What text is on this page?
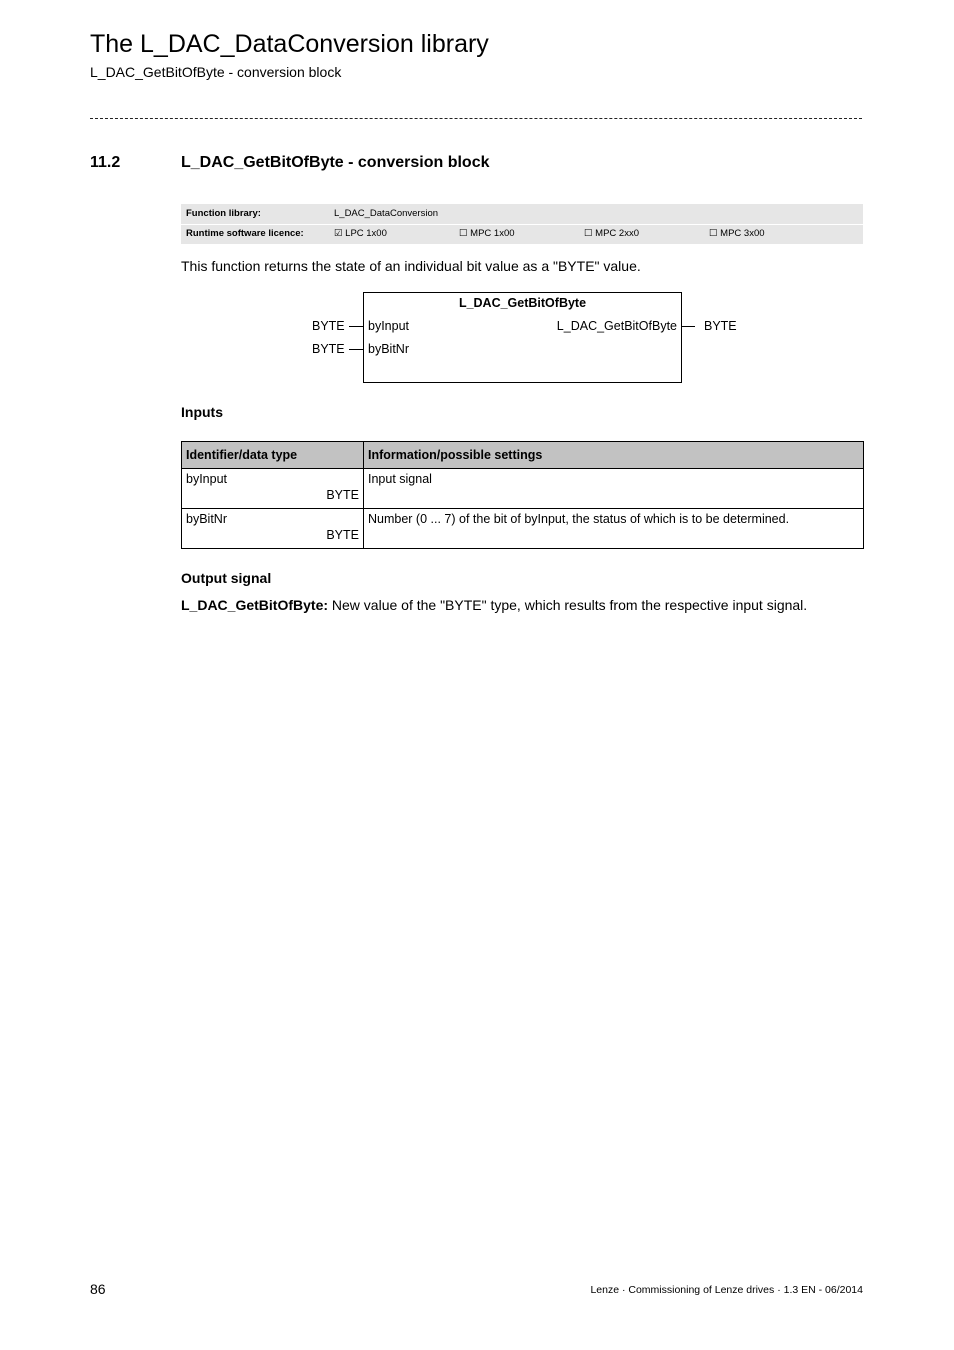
The L_DAC_DataConversion library
L_DAC_GetBitOfByte - conversion block
11.2	L_DAC_GetBitOfByte - conversion block
Function library:	L_DAC_DataConversion
Runtime software licence:	☑ LPC 1x00	☐ MPC 1x00	☐ MPC 2xx0	☐ MPC 3x00
This function returns the state of an individual bit value as a "BYTE" value.
L_DAC_GetBitOfByte
BYTE byInput
BYTE byBitNr
L_DAC_GetBitOfByte BYTE
Inputs
Identifier/data type	Information/possible settings

byInput
BYTE	Input signal

byBitNr
BYTE	Number (0 ... 7) of the bit of byInput, the status of which is to be determined.
Output signal
L_DAC_GetBitOfByte: New value of the "BYTE" type, which results from the respective input signal.
86	Lenze · Commissioning of Lenze drives · 1.3 EN - 06/2014
